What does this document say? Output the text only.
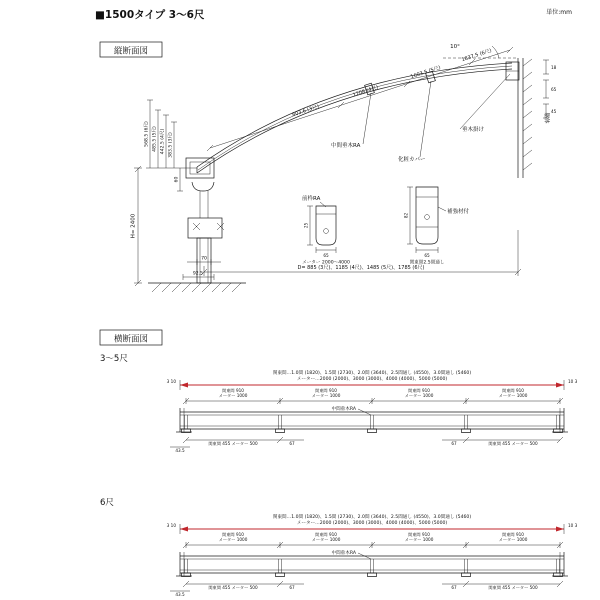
■1500タイプ 3〜6尺	単位:mm
縦断面図
躯体
10°
803.6 (3尺)
1208 (4尺)
1603.5 (5尺)
1837.5 (6尺)
568.5 (6尺) 485.5 (5尺) 442.5 (4尺) 383.5 (3尺)
60
H= 2400
70
92.5
D= 885 (3尺)、1185 (4尺)、1485 (5尺)、1785 (6尺)
垂木掛け
中間垂木RA
化粧カバー
18
65
45
前枠RA
25
65
メーター 2000〜4000
補強材付
82
65
関東間2.5間通し
横断面図
3〜5尺
関東間…1.0間 (1820)、1.5間 (2730)、2.0間 (3640)、2.5間通し (4550)、3.0間通し (5460)
メーター…2000 (2000)、3000 (3000)、4000 (4000)、5000 (5000)
3 10	10 3
関東間 910	関東間 910	関東間 910	関東間 910
メーター 1000	メーター 1000	メーター 1000	メーター 1000
中間垂木RA
関東間 455 メーター 500	関東間 455 メーター 500
67	67
43.5
6尺
関東間…1.0間 (1820)、1.5間 (2730)、2.0間 (3640)、2.5間通し (4550)、3.0間通し (5460)
メーター…2000 (2000)、3000 (3000)、4000 (4000)、5000 (5000)
3 10	10 3
関東間 910	関東間 910	関東間 910	関東間 910
メーター 1000	メーター 1000	メーター 1000	メーター 1000
中間垂木RA
関東間 455 メーター 500	関東間 455 メーター 500
67	67
43.5
